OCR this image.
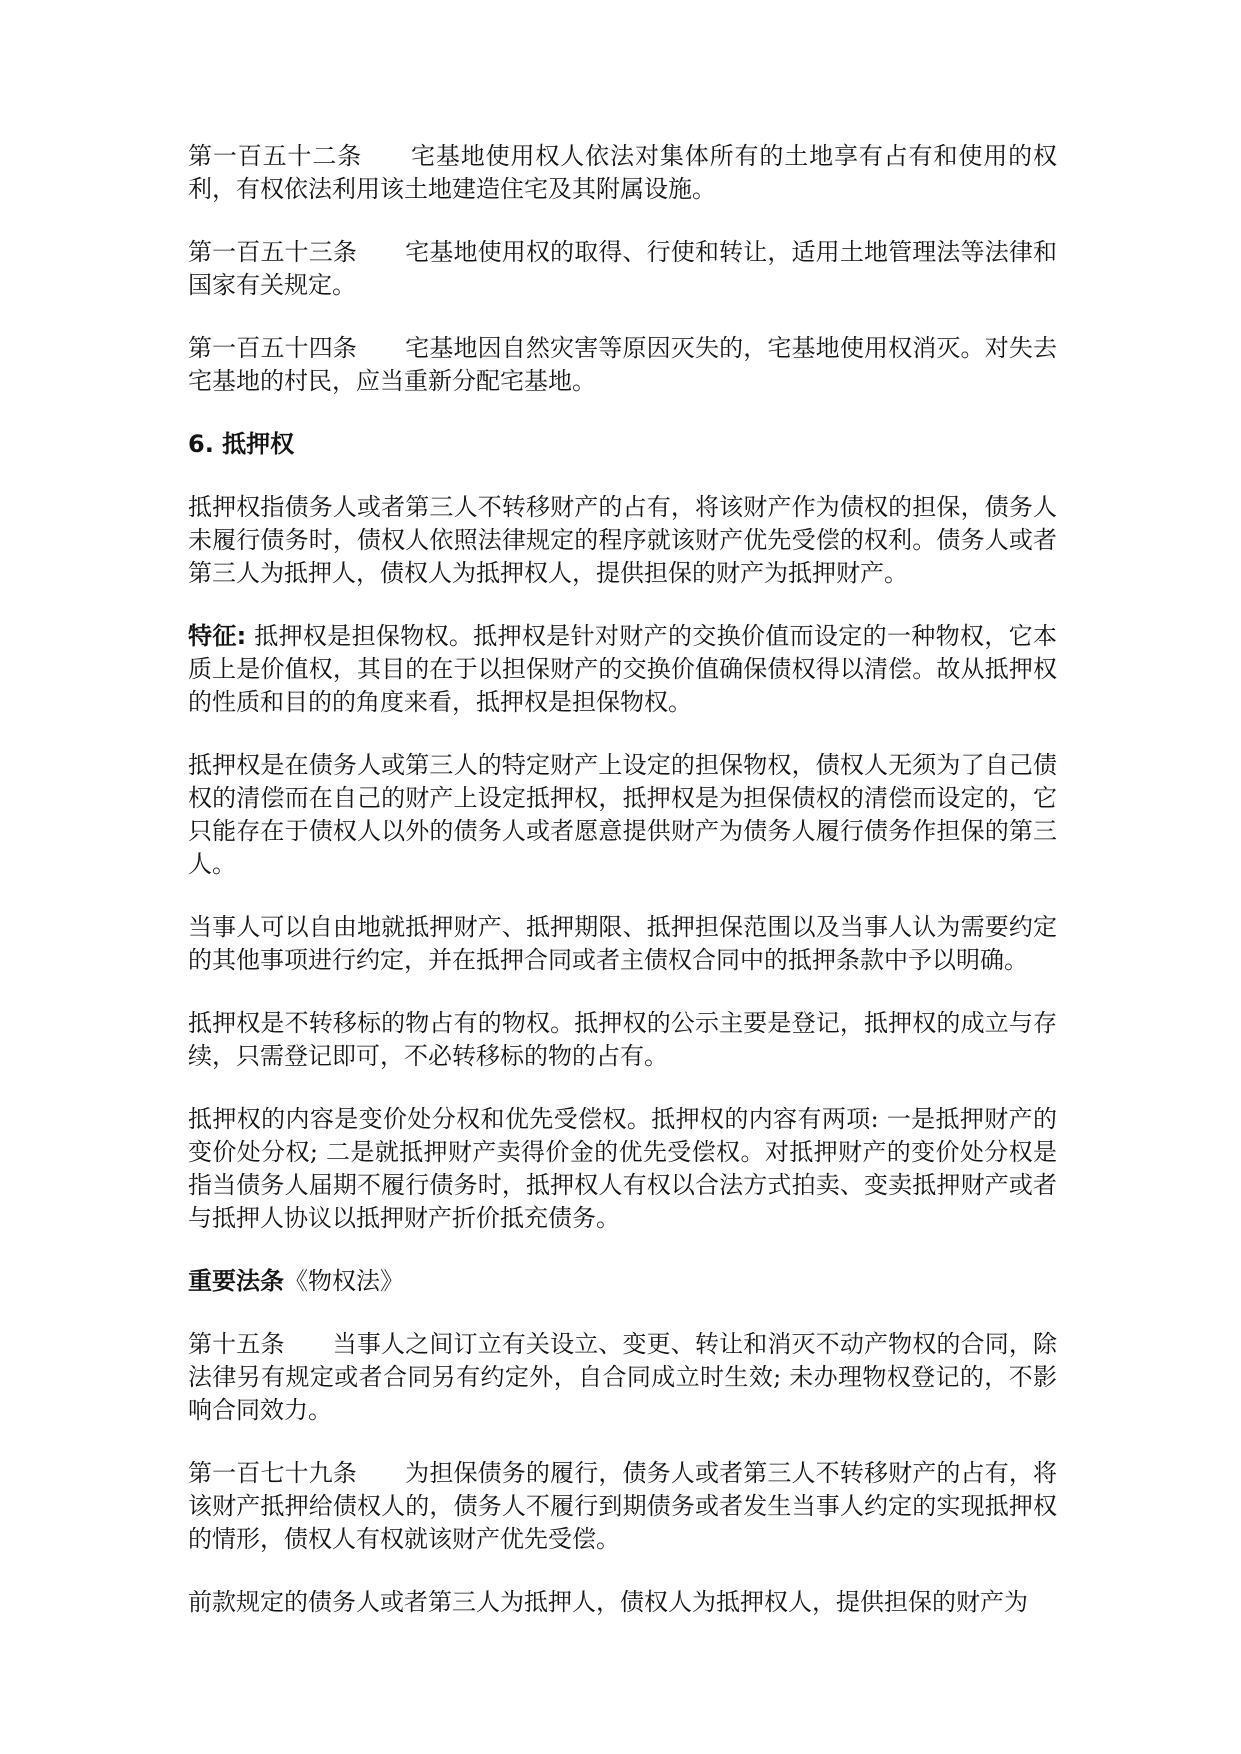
第一百五十二条 宅基地使用权人依法对集体所有的土地享有占有和使用的权利，有权依法利用该土地建造住宅及其附属设施。

第一百五十三条 宅基地使用权的取得、行使和转让，适用土地管理法等法律和国家有关规定。

第一百五十四条 宅基地因自然灾害等原因灭失的，宅基地使用权消灭。对失去宅基地的村民，应当重新分配宅基地。

6. 抵押权

抵押权指债务人或者第三人不转移财产的占有，将该财产作为债权的担保，债务人未履行债务时，债权人依照法律规定的程序就该财产优先受偿的权利。债务人或者第三人为抵押人，债权人为抵押权人，提供担保的财产为抵押财产。

特征: 抵押权是担保物权。抵押权是针对财产的交换价值而设定的一种物权，它本质上是价值权，其目的在于以担保财产的交换价值确保债权得以清偿。故从抵押权的性质和目的的角度来看，抵押权是担保物权。

抵押权是在债务人或第三人的特定财产上设定的担保物权，债权人无须为了自己债权的清偿而在自己的财产上设定抵押权，抵押权是为担保债权的清偿而设定的，它只能存在于债权人以外的债务人或者愿意提供财产为债务人履行债务作担保的第三人。

当事人可以自由地就抵押财产、抵押期限、抵押担保范围以及当事人认为需要约定的其他事项进行约定，并在抵押合同或者主债权合同中的抵押条款中予以明确。

抵押权是不转移标的物占有的物权。抵押权的公示主要是登记，抵押权的成立与存续，只需登记即可，不必转移标的物的占有。

抵押权的内容是变价处分权和优先受偿权。抵押权的内容有两项: 一是抵押财产的变价处分权; 二是就抵押财产卖得价金的优先受偿权。对抵押财产的变价处分权是指当债务人届期不履行债务时，抵押权人有权以合法方式拍卖、变卖抵押财产或者与抵押人协议以抵押财产折价抵充债务。

重要法条《物权法》

第十五条 当事人之间订立有关设立、变更、转让和消灭不动产物权的合同，除法律另有规定或者合同另有约定外，自合同成立时生效; 未办理物权登记的，不影响合同效力。

第一百七十九条 为担保债务的履行，债务人或者第三人不转移财产的占有，将该财产抵押给债权人的，债务人不履行到期债务或者发生当事人约定的实现抵押权的情形，债权人有权就该财产优先受偿。

前款规定的债务人或者第三人为抵押人，债权人为抵押权人，提供担保的财产为
